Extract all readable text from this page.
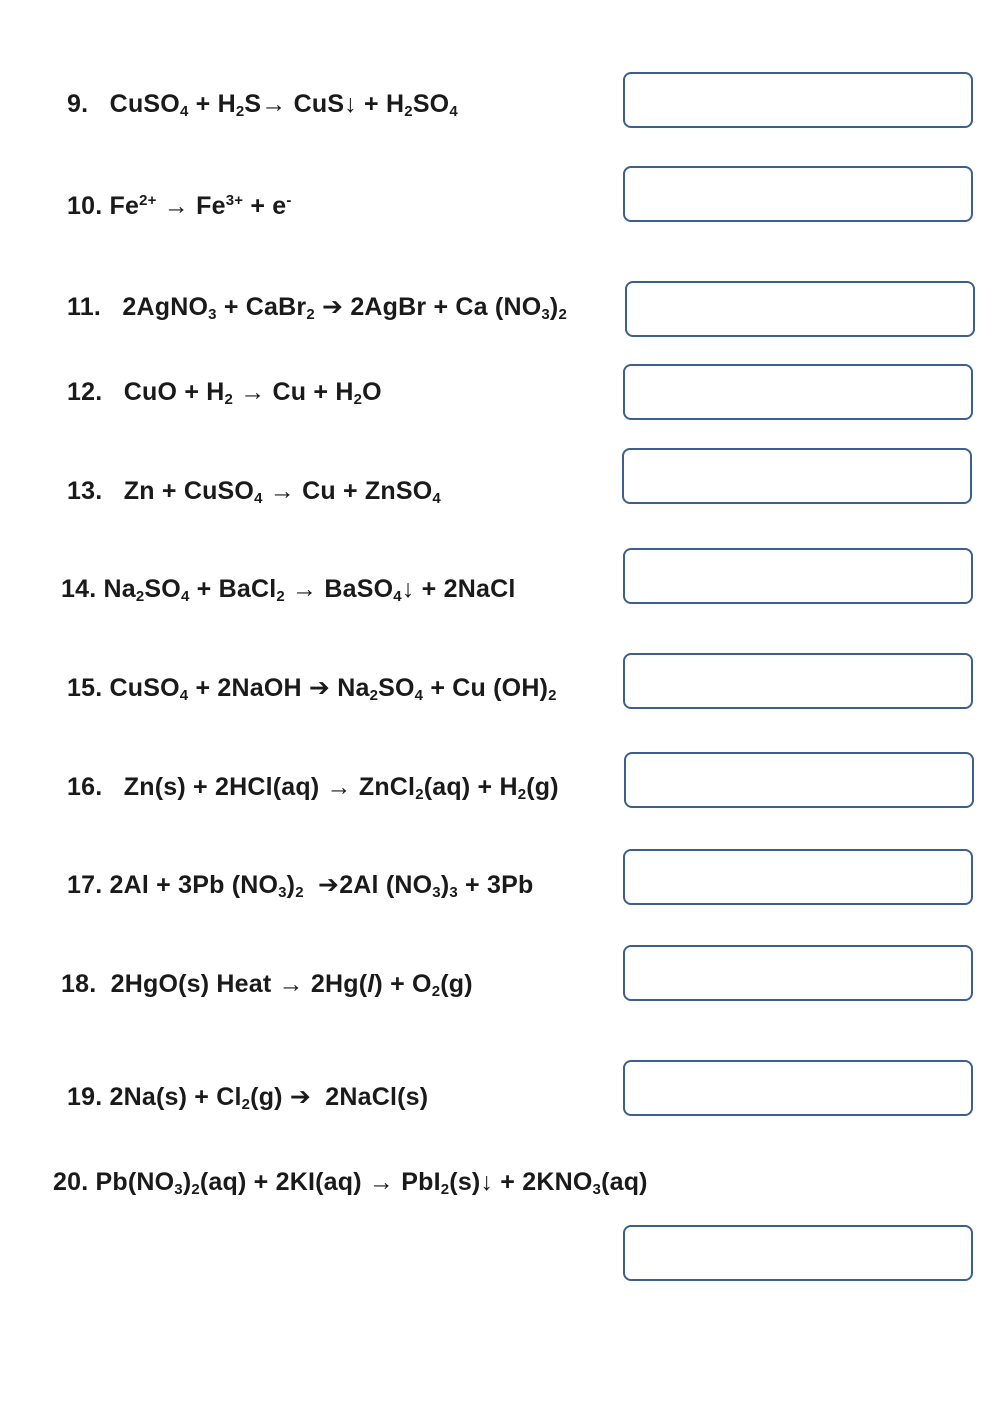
9.   CuSO$_4$ + $H_2S\to$ CuS↓ + $H_2SO_4$
10. $Fe^{2+} \to Fe^{3+} + e^-$
11.   2AgNO$_3$ + CaBr$_2$ ➔ 2AgBr + Ca $(NO_3)_2$
12.   CuO + $H_2 \to Cu + H_2O$
13.   Zn + CuSO$_4$ → Cu + ZnSO$_4$
14. $Na_2SO_4$ + BaCl$_2$ → BaSO$_4$↓ + 2NaCl
15. CuSO$_4$ + 2NaOH ➔ $Na_2SO_4 + Cu$ $(OH)_2$
16.   Zn(s) + 2HCl(aq) → ZnCl$_2$(aq) + $H_2(g)$
17. 2Al + 3Pb $(NO_3)_2$  ➔2Al $(NO_3)_3 + 3Pb$
18.  2HgO(s) Heat → $2Hg(l) + O_2(g)$
19. $2Na(s) + Cl_2(g)$ ➔  2NaCl(s)
20. $Pb(NO_3)_2(aq) + 2KI(aq)$ → PbI$_2$(s)↓ + $2KNO_3(aq)$
